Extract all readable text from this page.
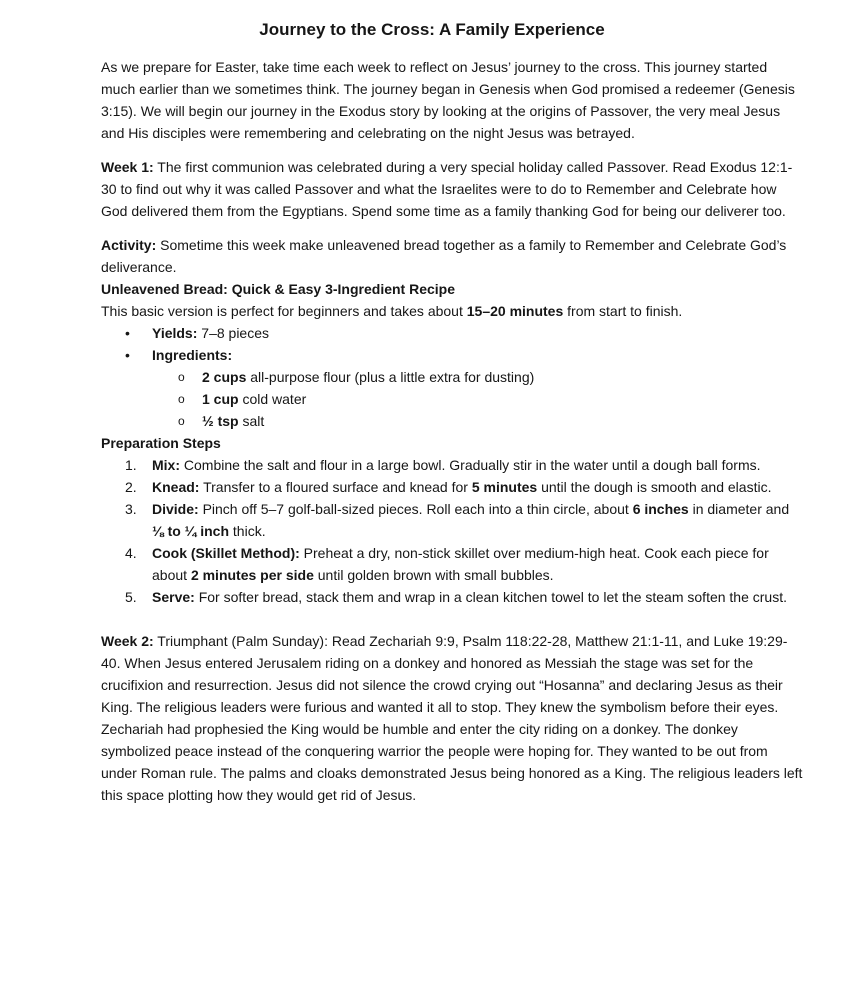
Journey to the Cross: A Family Experience

As we prepare for Easter, take time each week to reflect on Jesus’ journey to the cross. This journey started much earlier than we sometimes think. The journey began in Genesis when God promised a redeemer (Genesis 3:15). We will begin our journey in the Exodus story by looking at the origins of Passover, the very meal Jesus and His disciples were remembering and celebrating on the night Jesus was betrayed.

Week 1: The first communion was celebrated during a very special holiday called Passover. Read Exodus 12:1-30 to find out why it was called Passover and what the Israelites were to do to Remember and Celebrate how God delivered them from the Egyptians. Spend some time as a family thanking God for being our deliverer too.

Activity: Sometime this week make unleavened bread together as a family to Remember and Celebrate God’s deliverance.

Unleavened Bread: Quick & Easy 3-Ingredient Recipe

This basic version is perfect for beginners and takes about 15–20 minutes from start to finish.

• Yields: 7–8 pieces
• Ingredients:
o 2 cups all-purpose flour (plus a little extra for dusting)
o 1 cup cold water
o ½ tsp salt

Preparation Steps

1. Mix: Combine the salt and flour in a large bowl. Gradually stir in the water until a dough ball forms.
2. Knead: Transfer to a floured surface and knead for 5 minutes until the dough is smooth and elastic.
3. Divide: Pinch off 5–7 golf-ball-sized pieces. Roll each into a thin circle, about 6 inches in diameter and ⅛ to ¼ inch thick.
4. Cook (Skillet Method): Preheat a dry, non-stick skillet over medium-high heat. Cook each piece for about 2 minutes per side until golden brown with small bubbles.
5. Serve: For softer bread, stack them and wrap in a clean kitchen towel to let the steam soften the crust.

Week 2: Triumphant (Palm Sunday): Read Zechariah 9:9, Psalm 118:22-28, Matthew 21:1-11, and Luke 19:29-40. When Jesus entered Jerusalem riding on a donkey and honored as Messiah the stage was set for the crucifixion and resurrection. Jesus did not silence the crowd crying out “Hosanna” and declaring Jesus as their King. The religious leaders were furious and wanted it all to stop. They knew the symbolism before their eyes. Zechariah had prophesied the King would be humble and enter the city riding on a donkey. The donkey symbolized peace instead of the conquering warrior the people were hoping for. They wanted to be out from under Roman rule. The palms and cloaks demonstrated Jesus being honored as a King. The religious leaders left this space plotting how they would get rid of Jesus.
